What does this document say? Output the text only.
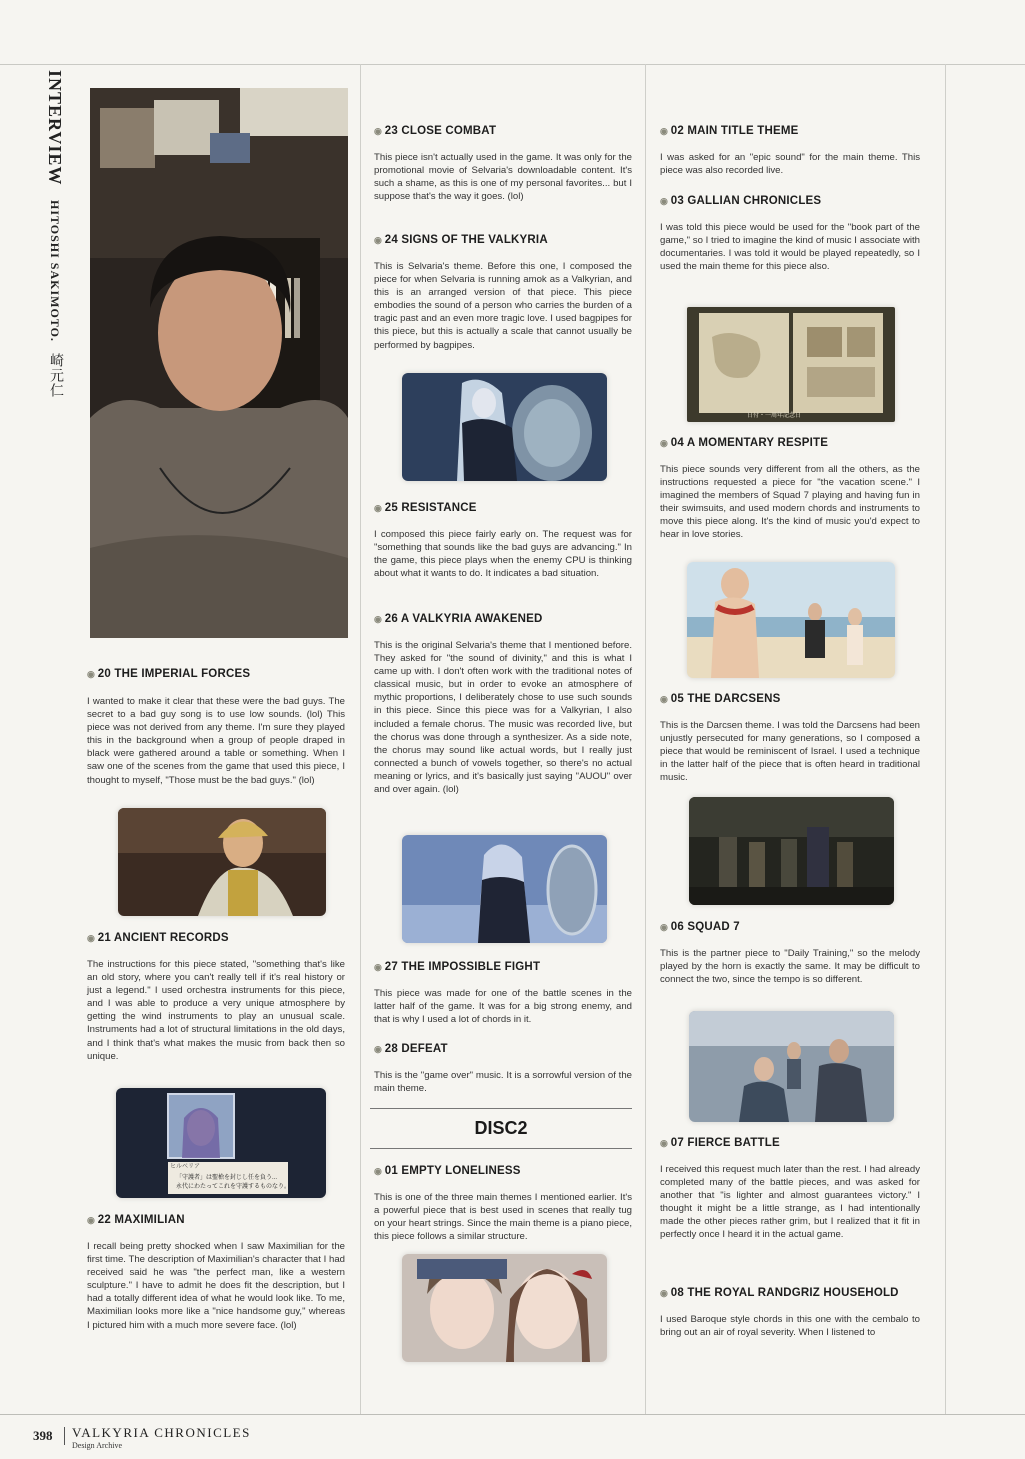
INTERVIEW HITOSHI SAKIMOTO. 崎元仁
◉ 20 THE IMPERIAL FORCES
I wanted to make it clear that these were the bad guys. The secret to a bad guy song is to use low sounds. (lol) This piece was not derived from any theme. I'm sure they played this in the background when a group of people draped in black were gathered around a table or something. When I saw one of the scenes from the game that used this piece, I thought to myself, "Those must be the bad guys." (lol)
◉ 21 ANCIENT RECORDS
The instructions for this piece stated, "something that's like an old story, where you can't really tell if it's real history or just a legend." I used orchestra instruments for this piece, and I was able to produce a very unique atmosphere by getting the wind instruments to play an unusual scale. Instruments had a lot of structural limitations in the old days, and I think that's what makes the music from back then so unique.
ヒルベリア
「守護者」は聖槍を封じし任を負う...
永代にわたってこれを守護するものなり。
◉ 22 MAXIMILIAN
I recall being pretty shocked when I saw Maximilian for the first time. The description of Maximilian's character that I had received said he was "the perfect man, like a western sculpture." I have to admit he does fit the description, but I had a totally different idea of what he would look like. To me, Maximilian looks more like a "nice handsome guy," whereas I pictured him with a much more severe face. (lol)
◉ 23 CLOSE COMBAT
This piece isn't actually used in the game. It was only for the promotional movie of Selvaria's downloadable content. It's such a shame, as this is one of my personal favorites... but I suppose that's the way it goes. (lol)
◉ 24 SIGNS OF THE VALKYRIA
This is Selvaria's theme. Before this one, I composed the piece for when Selvaria is running amok as a Valkyrian, and this is an arranged version of that piece. This piece embodies the sound of a person who carries the burden of a tragic past and an even more tragic love. I used bagpipes for this piece, but this is actually a scale that cannot usually be performed by bagpipes.
◉ 25 RESISTANCE
I composed this piece fairly early on. The request was for "something that sounds like the bad guys are advancing." In the game, this piece plays when the enemy CPU is thinking about what it wants to do. It indicates a bad situation.
◉ 26 A VALKYRIA AWAKENED
This is the original Selvaria's theme that I mentioned before. They asked for "the sound of divinity," and this is what I came up with. I don't often work with the traditional notes of classical music, but in order to evoke an atmosphere of mythic proportions, I deliberately chose to use such sounds in this piece. Since this piece was for a Valkyrian, I also included a female chorus. The music was recorded live, but the chorus was done through a synthesizer. As a side note, the chorus may sound like actual words, but I really just connected a bunch of vowels together, so there's no actual meaning or lyrics, and it's basically just saying "AUOU" over and over again. (lol)
◉ 27 THE IMPOSSIBLE FIGHT
This piece was made for one of the battle scenes in the latter half of the game. It was for a big strong enemy, and that is why I used a lot of chords in it.
◉ 28 DEFEAT
This is the "game over" music. It is a sorrowful version of the main theme.
DISC2
◉ 01 EMPTY LONELINESS
This is one of the three main themes I mentioned earlier. It's a powerful piece that is best used in scenes that really tug on your heart strings. Since the main theme is a piano piece, this piece follows a similar structure.
◉ 02 MAIN TITLE THEME
I was asked for an "epic sound" for the main theme. This piece was also recorded live.
◉ 03 GALLIAN CHRONICLES
I was told this piece would be used for the "book part of the game," so I tried to imagine the kind of music I associate with documentaries. I was told it would be played repeatedly, so I used the main theme for this piece also.
日付・一周年記念日
◉ 04 A MOMENTARY RESPITE
This piece sounds very different from all the others, as the instructions requested a piece for "the vacation scene." I imagined the members of Squad 7 playing and having fun in their swimsuits, and used modern chords and instruments to move this piece along. It's the kind of music you'd expect to hear in love stories.
◉ 05 THE DARCSENS
This is the Darcsen theme. I was told the Darcsens had been unjustly persecuted for many generations, so I composed a piece that would be reminiscent of Israel. I used a technique in the latter half of the piece that is often heard in traditional music.
◉ 06 SQUAD 7
This is the partner piece to "Daily Training," so the melody played by the horn is exactly the same. It may be difficult to connect the two, since the tempo is so different.
◉ 07 FIERCE BATTLE
I received this request much later than the rest. I had already completed many of the battle pieces, and was asked for another that "is lighter and almost guarantees victory." I thought it might be a little strange, as I had intentionally made the other pieces rather grim, but I realized that it fit in perfectly once I heard it in the actual game.
◉ 08 THE ROYAL RANDGRIZ HOUSEHOLD
I used Baroque style chords in this one with the cembalo to bring out an air of royal severity. When I listened to
398 VALKYRIA CHRONICLES
Design Archive
